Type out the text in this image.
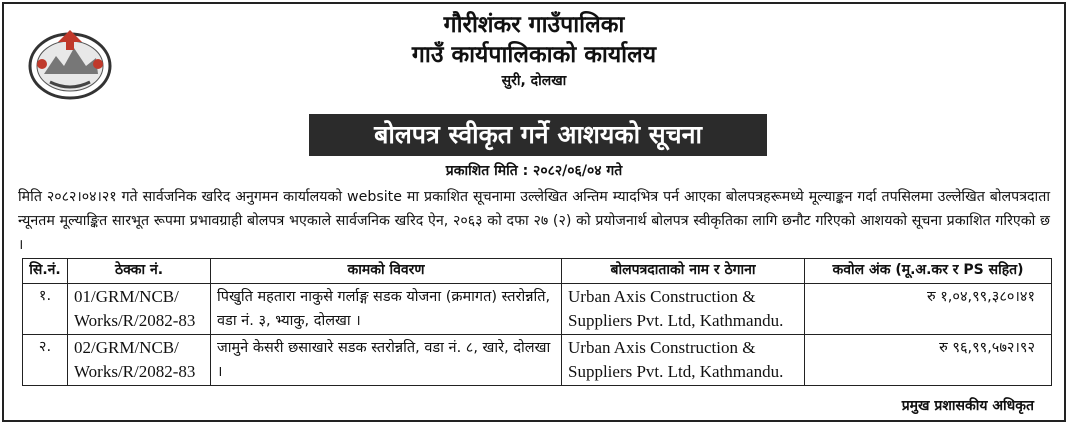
गौरीशंकर गाउँपालिका
गाउँ कार्यपालिकाको कार्यालय
सुरी, दोलखा
बोलपत्र स्वीकृत गर्ने आशयको सूचना
प्रकाशित मिति : २०८२/०६/०४ गते
मिति २०८२।०४।२१ गते सार्वजनिक खरिद अनुगमन कार्यालयको website मा प्रकाशित सूचनामा उल्लेखित अन्तिम म्यादभित्र पर्न आएका बोलपत्रहरूमध्ये मूल्याङ्कन गर्दा तपसिलमा उल्लेखित बोलपत्रदाता न्यूनतम मूल्याङ्कित सारभूत रूपमा प्रभावग्राही बोलपत्र भएकाले सार्वजनिक खरिद ऐन, २०६३ को दफा २७ (२) को प्रयोजनार्थ बोलपत्र स्वीकृतिका लागि छनौट गरिएको आशयको सूचना प्रकाशित गरिएको छ ।
सि.नं.	ठेक्का नं.	कामको विवरण	बोलपत्रदाताको नाम र ठेगाना	कवोल अंक (मू.अ.कर र PS सहित)
१.	01/GRM/NCB/ Works/R/2082-83	पिखुति महतारा नाकुसे गर्लाङ्ग सडक योजना (क्रमागत) स्तरोन्नति, वडा नं. ३, भ्याकु, दोलखा ।	Urban Axis Construction & Suppliers Pvt. Ltd, Kathmandu.	रु १,०४,९९,३८०।४१
२.	02/GRM/NCB/ Works/R/2082-83	जामुने केसरी छसाखारे सडक स्तरोन्नति, वडा नं. ८, खारे, दोलखा ।	Urban Axis Construction & Suppliers Pvt. Ltd, Kathmandu.	रु ९६,९९,५७२।९२
प्रमुख प्रशासकीय अधिकृत
